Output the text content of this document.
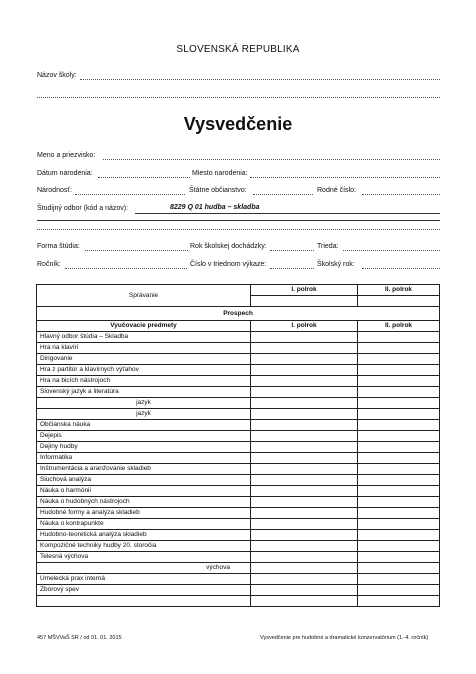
SLOVENSKÁ REPUBLIKA
Názov školy:
Vysvedčenie
Meno a priezvisko:
Dátum narodenia:	Miesto narodenia:
Národnosť:	Štátne občianstvo:	Rodné číslo:
Študijný odbor (kód a názov):	8229 Q 01 hudba – skladba
Forma štúdia:	Rok školskej dochádzky:	Trieda:
Ročník:	Číslo v triednom výkaze:	Školský rok:
Správanie	I. polrok	II. polrok

Prospech		
Vyučovacie predmety	I. polrok	II. polrok
Hlavný odbor štúdia – Skladba		
Hra na klavíri		
Dirigovanie		
Hra z partitúr a klavírnych výťahov		
Hra na bicích nástrojoch		
Slovenský jazyk a literatúra		
jazyk		
jazyk		
Občianska náuka		
Dejepis		
Dejiny hudby		
Informatika		
Inštrumentácia a aranžovanie skladieb		
Sluchová analýza		
Náuka o harmónii		
Náuka o hudobných nástrojoch		
Hudobné formy a analýza skladieb		
Náuka o kontrapunkte		
Hudobno-teoretická analýza skladieb		
Kompozičné techniky hudby 20. storočia		
Telesná výchova		
výchova		
Umelecká prax interná		
Zborový spev		

457 MŠVVaŠ SR / od 01. 01. 2015	Vysvedčenie pre hudobné a dramatické konzervatórium (1.-4. ročník)
